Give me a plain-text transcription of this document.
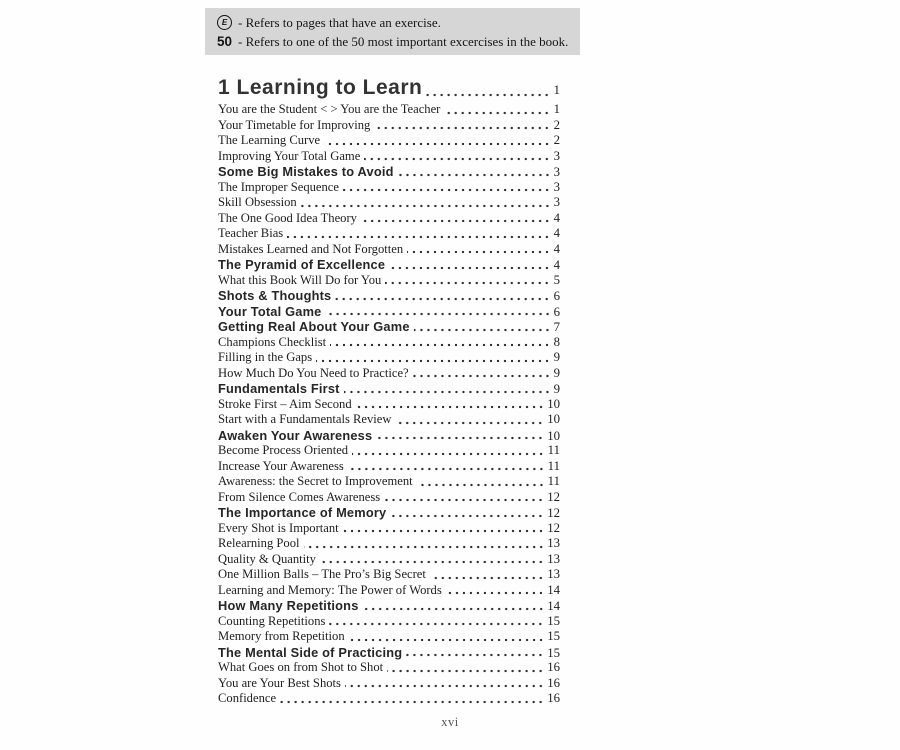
E - Refers to pages that have an exercise.
50 - Refers to one of the 50 most important excercises in the book.
1 Learning to Learn	1
You are the Student < > You are the Teacher	1
Your Timetable for Improving	2
The Learning Curve	2
Improving Your Total Game	3
Some Big Mistakes to Avoid	3
The Improper Sequence	3
Skill Obsession	3
The One Good Idea Theory	4
Teacher Bias	4
Mistakes Learned and Not Forgotten	4
The Pyramid of Excellence	4
What this Book Will Do for You	5
Shots & Thoughts	6
Your Total Game	6
Getting Real About Your Game	7
Champions Checklist	8
Filling in the Gaps	9
How Much Do You Need to Practice?	9
Fundamentals First	9
Stroke First – Aim Second	10
Start with a Fundamentals Review	10
Awaken Your Awareness	10
Become Process Oriented	11
Increase Your Awareness	11
Awareness: the Secret to Improvement	11
From Silence Comes Awareness	12
The Importance of Memory	12
Every Shot is Important	12
Relearning Pool	13
Quality & Quantity	13
One Million Balls – The Pro’s Big Secret	13
Learning and Memory: The Power of Words	14
How Many Repetitions	14
Counting Repetitions	15
Memory from Repetition	15
The Mental Side of Practicing	15
What Goes on from Shot to Shot	16
You are Your Best Shots	16
Confidence	16
xvi
